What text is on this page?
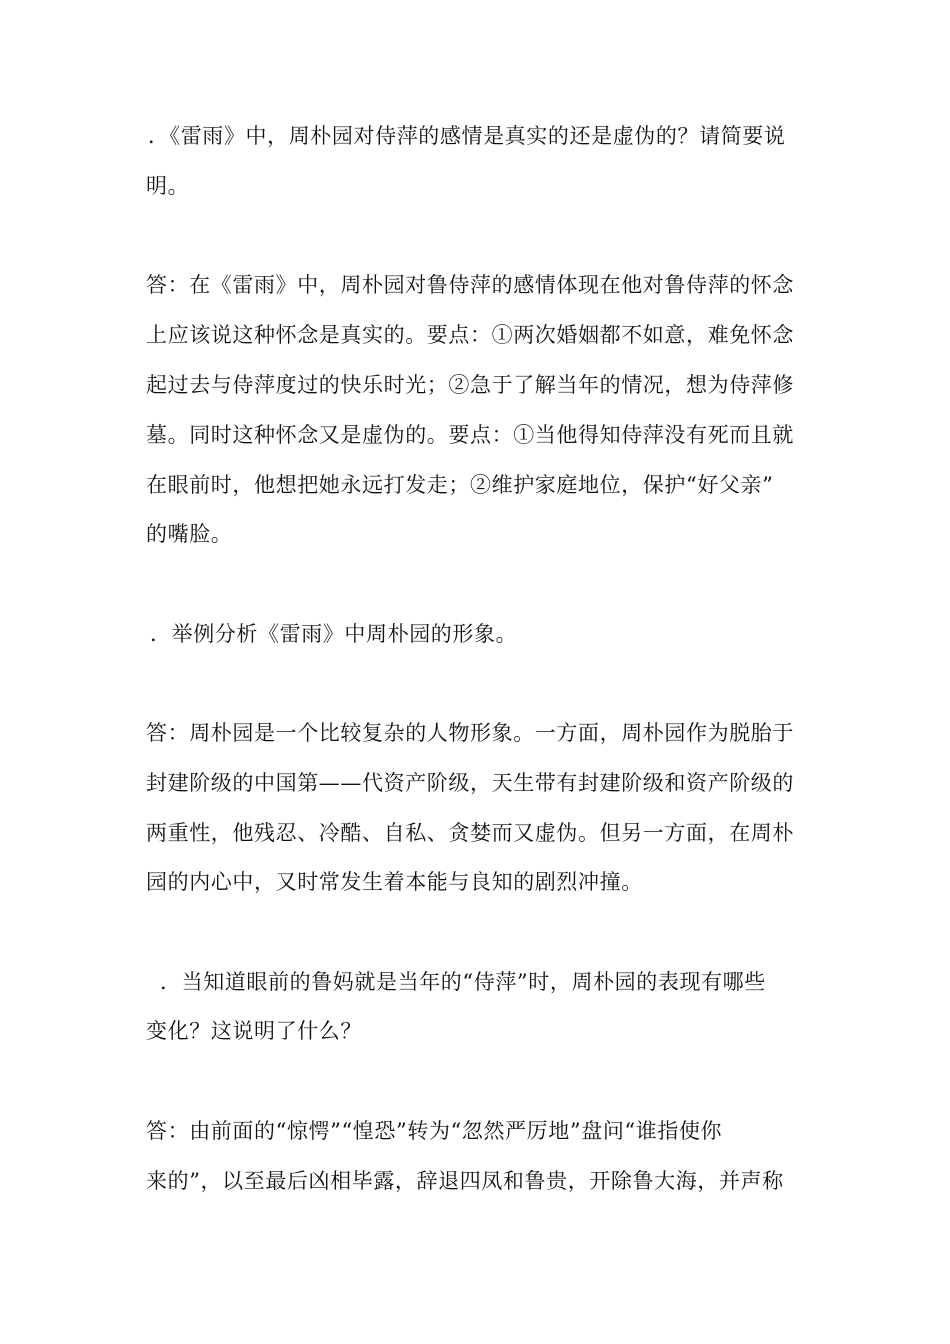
．《雷雨》中，周朴园对侍萍的感情是真实的还是虚伪的？请简要说
明。
答：在《雷雨》中，周朴园对鲁侍萍的感情体现在他对鲁侍萍的怀念
上应该说这种怀念是真实的。要点：①两次婚姻都不如意，难免怀念
起过去与侍萍度过的快乐时光；②急于了解当年的情况，想为侍萍修
墓。同时这种怀念又是虚伪的。要点：①当他得知侍萍没有死而且就
在眼前时，他想把她永远打发走；②维护家庭地位，保护“好父亲”
的嘴脸。
．举例分析《雷雨》中周朴园的形象。
答：周朴园是一个比较复杂的人物形象。一方面，周朴园作为脱胎于
封建阶级的中国第——代资产阶级，天生带有封建阶级和资产阶级的
两重性，他残忍、冷酷、自私、贪婪而又虚伪。但另一方面，在周朴
园的内心中，又时常发生着本能与良知的剧烈冲撞。
．当知道眼前的鲁妈就是当年的“侍萍”时，周朴园的表现有哪些
变化？这说明了什么？
答：由前面的“惊愕”“惶恐”转为“忽然严厉地”盘问“谁指使你
来的”，以至最后凶相毕露，辞退四凤和鲁贵，开除鲁大海，并声称
